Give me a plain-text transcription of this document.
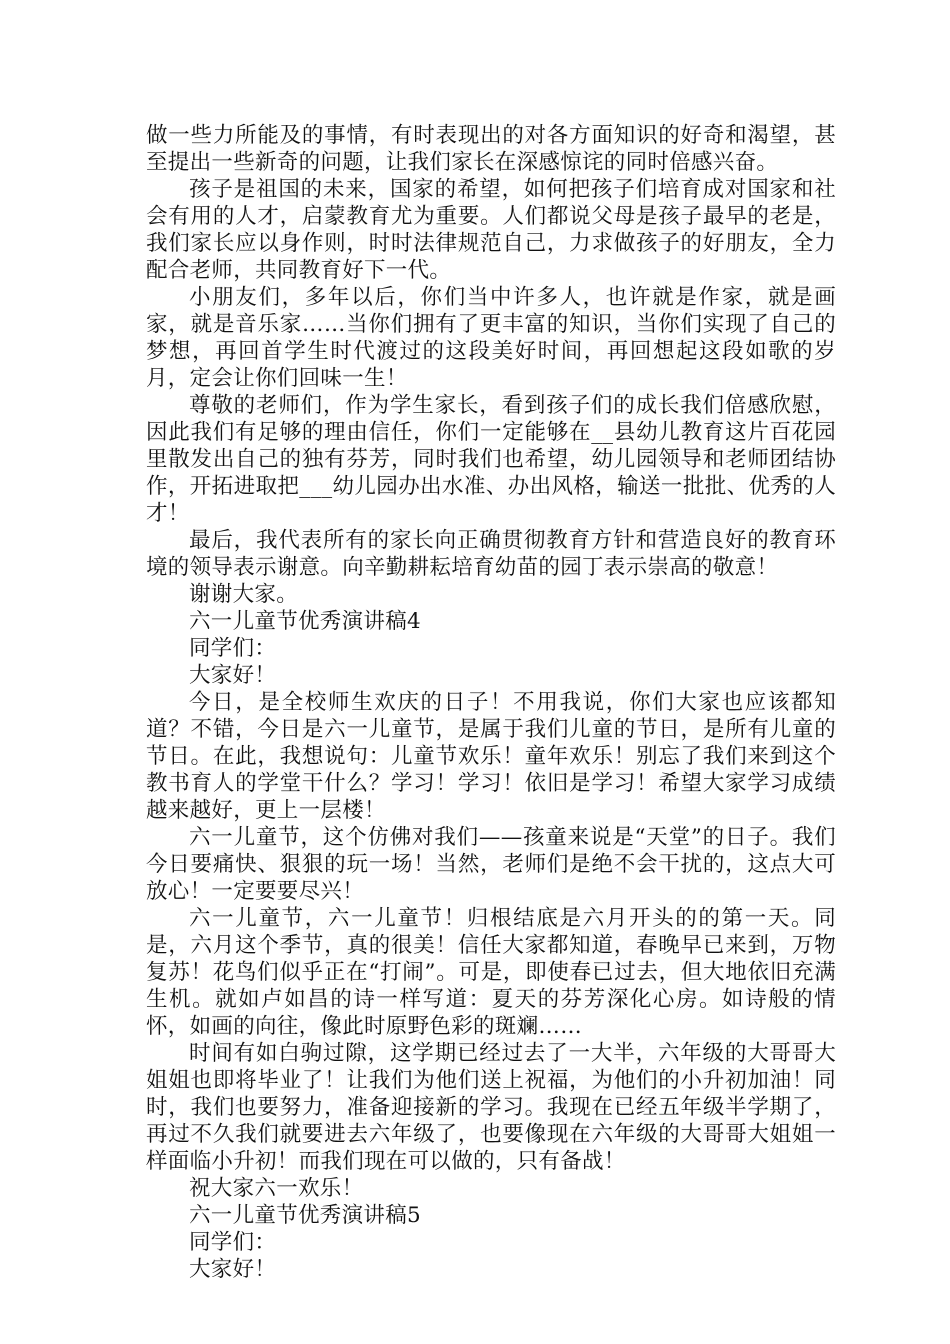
做一些力所能及的事情，有时表现出的对各方面知识的好奇和渴望，甚至提出一些新奇的问题，让我们家长在深感惊诧的同时倍感兴奋。

孩子是祖国的未来，国家的希望，如何把孩子们培育成对国家和社会有用的人才，启蒙教育尤为重要。人们都说父母是孩子最早的老是，我们家长应以身作则，时时法律规范自己，力求做孩子的好朋友，全力配合老师，共同教育好下一代。

小朋友们，多年以后，你们当中许多人，也许就是作家，就是画家，就是音乐家……当你们拥有了更丰富的知识，当你们实现了自己的梦想，再回首学生时代渡过的这段美好时间，再回想起这段如歌的岁月，定会让你们回味一生！

尊敬的老师们，作为学生家长，看到孩子们的成长我们倍感欣慰，因此我们有足够的理由信任，你们一定能够在__县幼儿教育这片百花园里散发出自己的独有芬芳，同时我们也希望，幼儿园领导和老师团结协作，开拓进取把___幼儿园办出水准、办出风格，输送一批批、优秀的人才！

最后，我代表所有的家长向正确贯彻教育方针和营造良好的教育环境的领导表示谢意。向辛勤耕耘培育幼苗的园丁表示崇高的敬意！

谢谢大家。

六一儿童节优秀演讲稿4

同学们：

大家好！

今日，是全校师生欢庆的日子！不用我说，你们大家也应该都知道？不错，今日是六一儿童节，是属于我们儿童的节日，是所有儿童的节日。在此，我想说句：儿童节欢乐！童年欢乐！别忘了我们来到这个教书育人的学堂干什么？学习！学习！依旧是学习！希望大家学习成绩越来越好，更上一层楼！

六一儿童节，这个仿佛对我们——孩童来说是“天堂”的日子。我们今日要痛快、狠狠的玩一场！当然，老师们是绝不会干扰的，这点大可放心！一定要要尽兴！

六一儿童节，六一儿童节！归根结底是六月开头的的第一天。同是，六月这个季节，真的很美！信任大家都知道，春晚早已来到，万物复苏！花鸟们似乎正在“打闹”。可是，即使春已过去，但大地依旧充满生机。就如卢如昌的诗一样写道：夏天的芬芳深化心房。如诗般的情怀，如画的向往，像此时原野色彩的斑斓……

时间有如白驹过隙，这学期已经过去了一大半，六年级的大哥哥大姐姐也即将毕业了！让我们为他们送上祝福，为他们的小升初加油！同时，我们也要努力，准备迎接新的学习。我现在已经五年级半学期了，再过不久我们就要进去六年级了，也要像现在六年级的大哥哥大姐姐一样面临小升初！而我们现在可以做的，只有备战！

祝大家六一欢乐！

六一儿童节优秀演讲稿5

同学们：

大家好！
